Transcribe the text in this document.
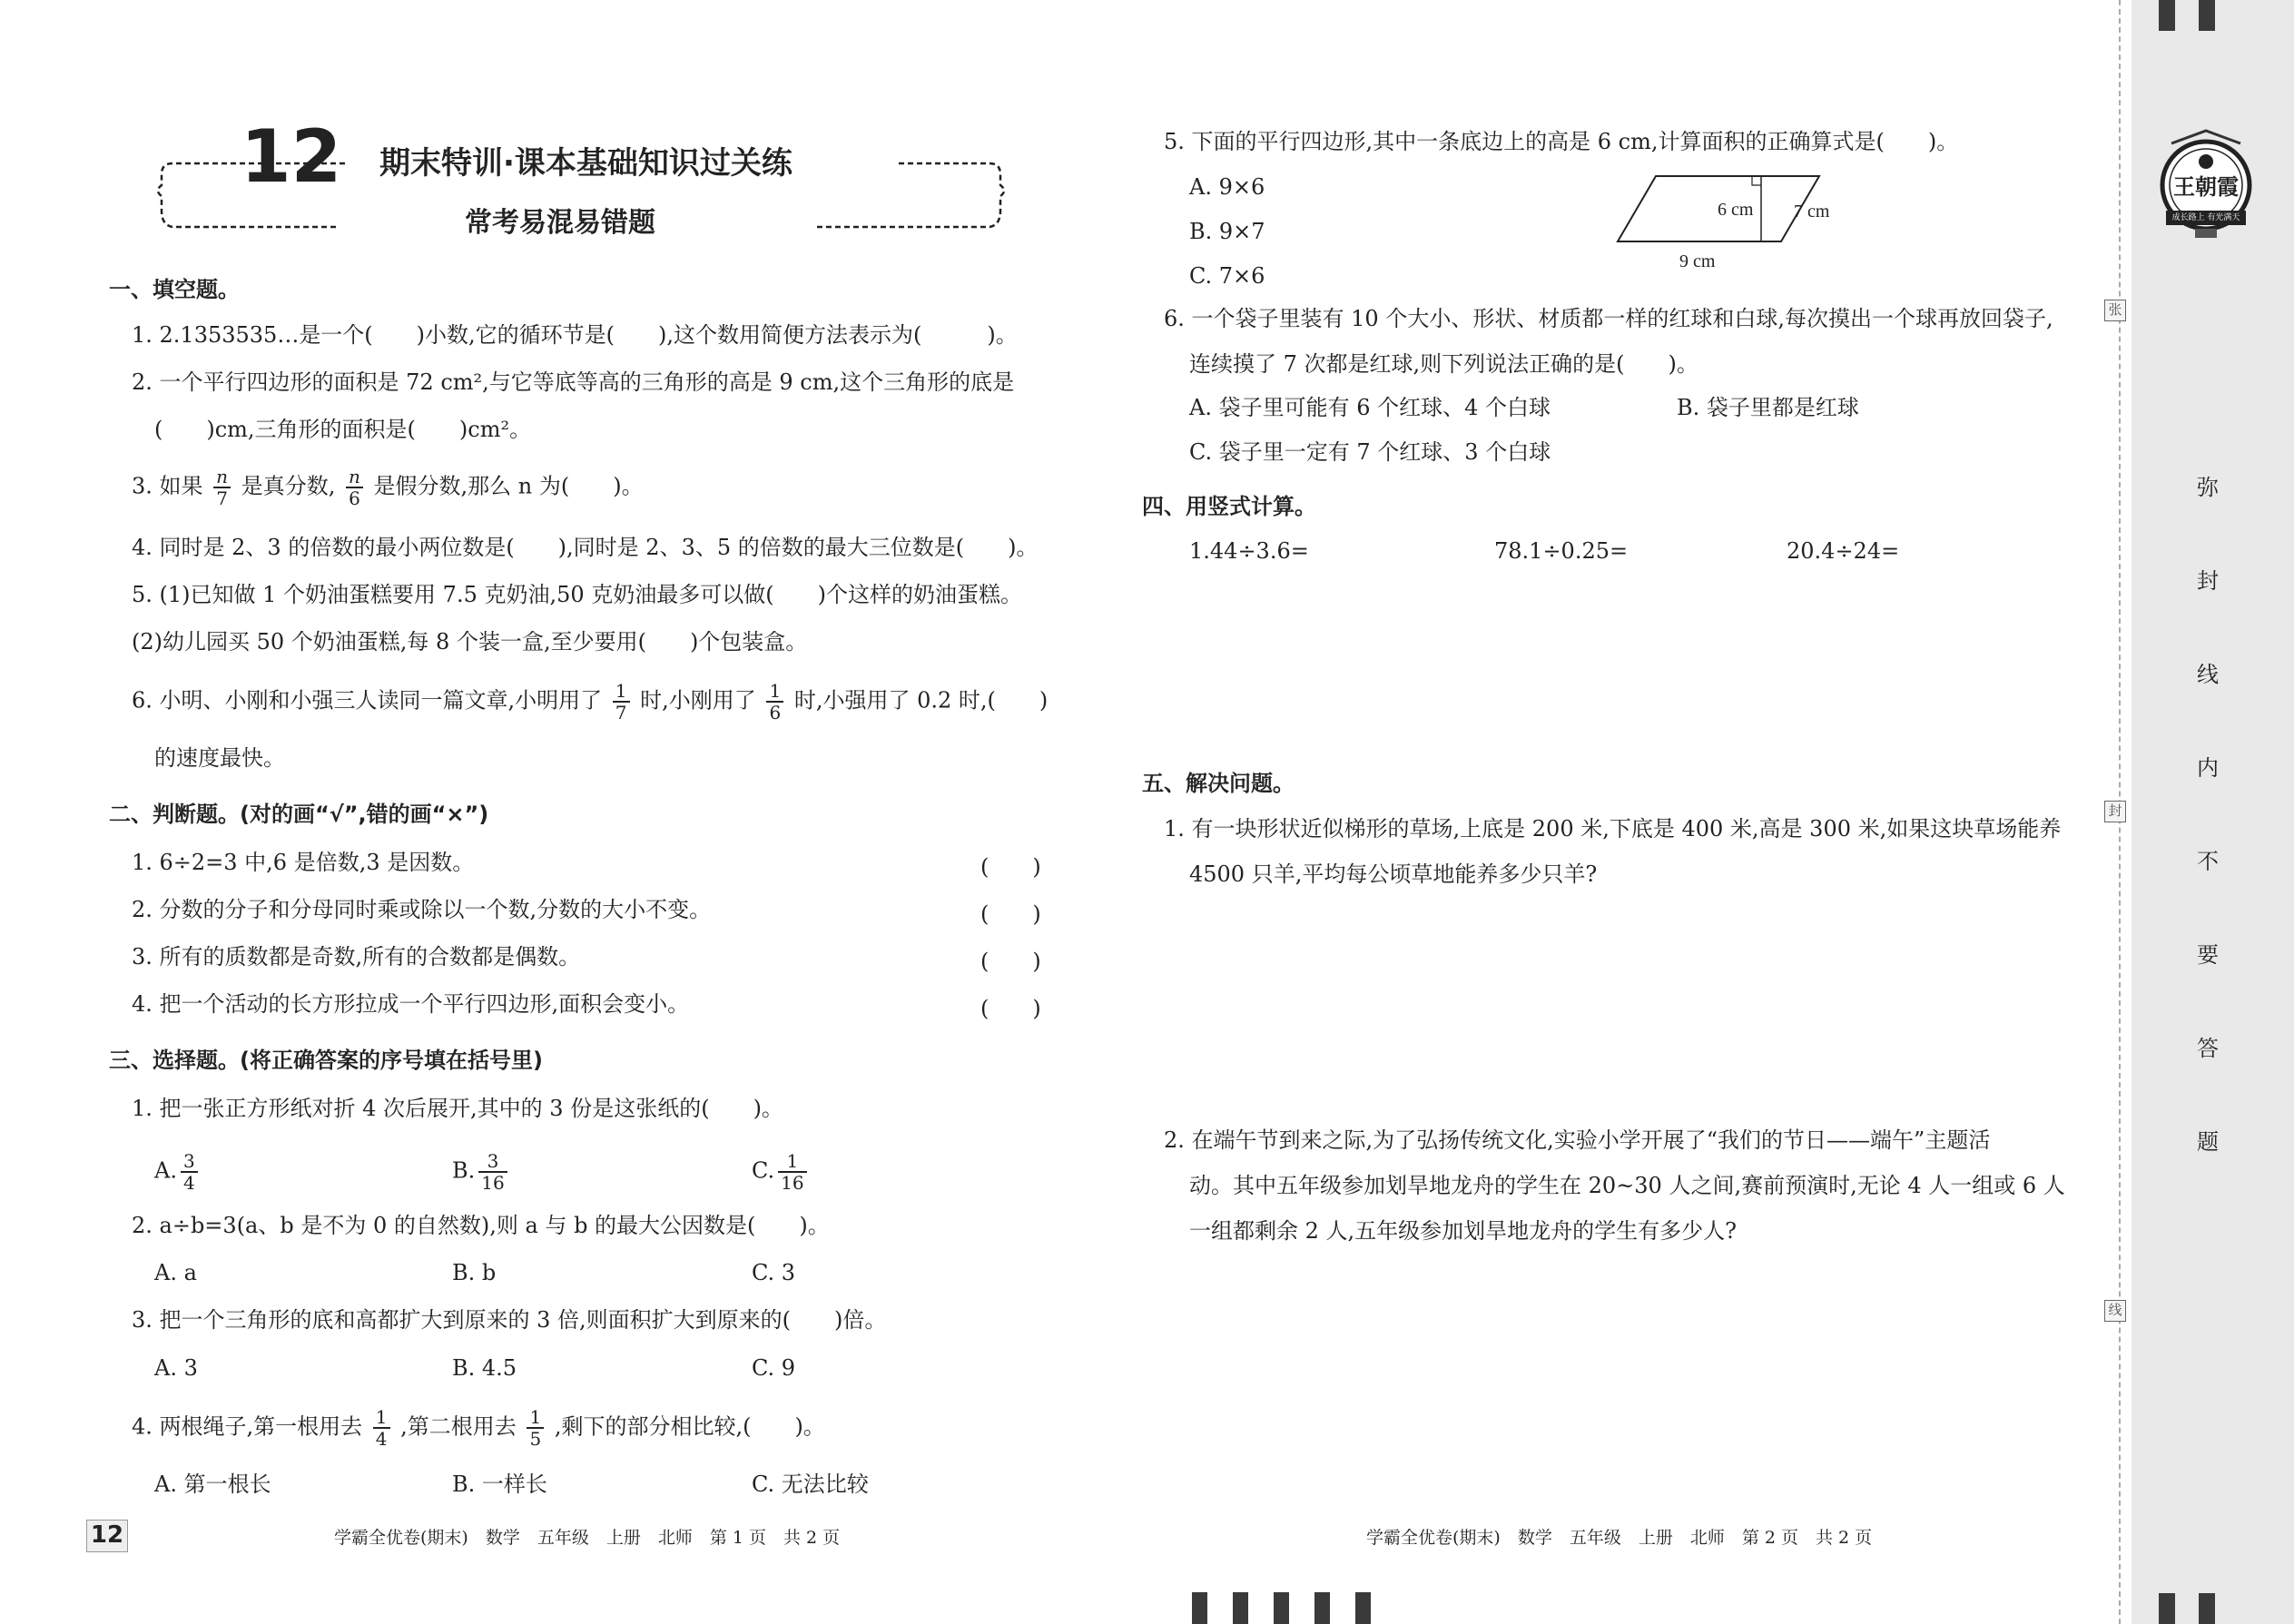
12 期末特训·课本基础知识过关练
常考易混易错题
一、填空题。
1. 2.1353535…是一个(　　)小数,它的循环节是(　　),这个数用简便方法表示为(　　　)。
2. 一个平行四边形的面积是 72 cm²,与它等底等高的三角形的高是 9 cm,这个三角形的底是
(　　)cm,三角形的面积是(　　)cm²。
3. 如果 $\frac{n}{7}$ 是真分数, $\frac{n}{6}$ 是假分数,那么 n 为(　　)。
4. 同时是 2、3 的倍数的最小两位数是(　　),同时是 2、3、5 的倍数的最大三位数是(　　)。
5. (1)已知做 1 个奶油蛋糕要用 7.5 克奶油,50 克奶油最多可以做(　　)个这样的奶油蛋糕。
(2)幼儿园买 50 个奶油蛋糕,每 8 个装一盒,至少要用(　　)个包装盒。
6. 小明、小刚和小强三人读同一篇文章,小明用了 $\frac{1}{7}$ 时,小刚用了 $\frac{1}{6}$ 时,小强用了 0.2 时,(　　)
的速度最快。
二、判断题。(对的画“√”,错的画“×”)
1. 6÷2=3 中,6 是倍数,3 是因数。	(　　)
2. 分数的分子和分母同时乘或除以一个数,分数的大小不变。	(　　)
3. 所有的质数都是奇数,所有的合数都是偶数。	(　　)
4. 把一个活动的长方形拉成一个平行四边形,面积会变小。	(　　)
三、选择题。(将正确答案的序号填在括号里)
1. 把一张正方形纸对折 4 次后展开,其中的 3 份是这张纸的(　　)。
A. $\frac{3}{4}$	B. $\frac{3}{16}$	C. $\frac{1}{16}$
2. a÷b=3(a、b 是不为 0 的自然数),则 a 与 b 的最大公因数是(　　)。
A. a	B. b	C. 3
3. 把一个三角形的底和高都扩大到原来的 3 倍,则面积扩大到原来的(　　)倍。
A. 3	B. 4.5	C. 9
4. 两根绳子,第一根用去 $\frac{1}{4}$ ,第二根用去 $\frac{1}{5}$ ,剩下的部分相比较,(　　)。
A. 第一根长	B. 一样长	C. 无法比较
5. 下面的平行四边形,其中一条底边上的高是 6 cm,计算面积的正确算式是(　　)。
A. 9×6
B. 9×7
C. 7×6
6 cm 7 cm
9 cm
6. 一个袋子里装有 10 个大小、形状、材质都一样的红球和白球,每次摸出一个球再放回袋子,
连续摸了 7 次都是红球,则下列说法正确的是(　　)。
A. 袋子里可能有 6 个红球、4 个白球	B. 袋子里都是红球
C. 袋子里一定有 7 个红球、3 个白球
四、用竖式计算。
1.44÷3.6=	78.1÷0.25=	20.4÷24=
五、解决问题。
1. 有一块形状近似梯形的草场,上底是 200 米,下底是 400 米,高是 300 米,如果这块草场能养
4500 只羊,平均每公顷草地能养多少只羊?
2. 在端午节到来之际,为了弘扬传统文化,实验小学开展了“我们的节日——端午”主题活
动。其中五年级参加划旱地龙舟的学生在 20~30 人之间,赛前预演时,无论 4 人一组或 6 人
一组都剩余 2 人,五年级参加划旱地龙舟的学生有多少人?
12	学霸全优卷(期末)　数学　五年级　上册　北师　第 1 页　共 2 页	学霸全优卷(期末)　数学　五年级　上册　北师　第 2 页　共 2 页
王朝霞
成长路上 有光满天
张
封
线
弥
封
线
内
不
要
答
题
